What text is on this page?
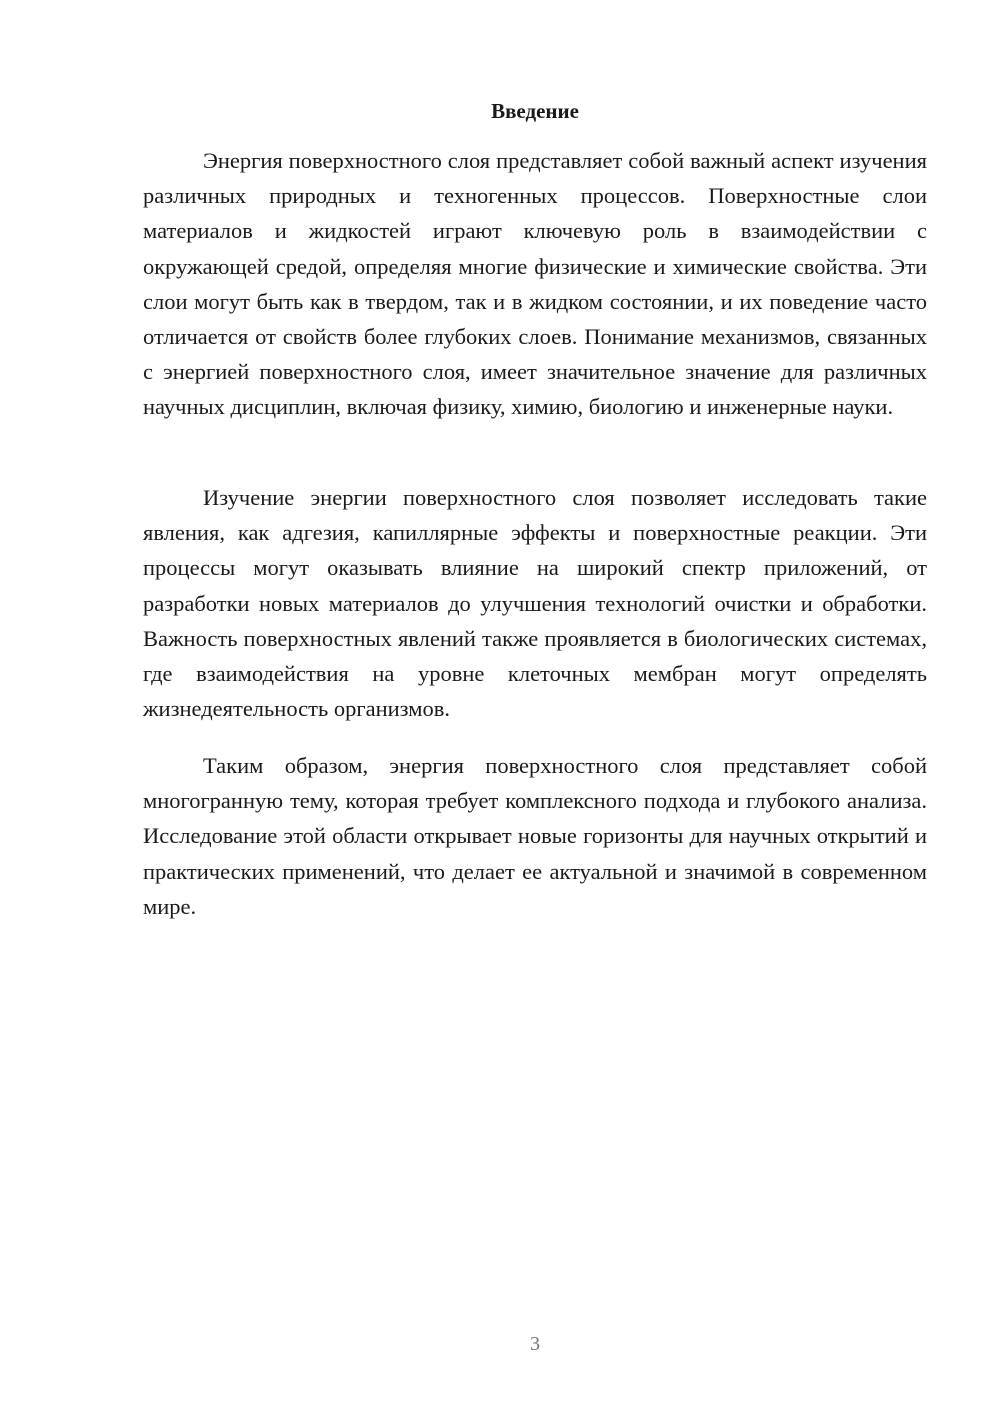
Введение

Энергия поверхностного слоя представляет собой важный аспект изучения различных природных и техногенных процессов. Поверхностные слои материалов и жидкостей играют ключевую роль в взаимодействии с окружающей средой, определяя многие физические и химические свойства. Эти слои могут быть как в твердом, так и в жидком состоянии, и их поведение часто отличается от свойств более глубоких слоев. Понимание механизмов, связанных с энергией поверхностного слоя, имеет значительное значение для различных научных дисциплин, включая физику, химию, биологию и инженерные науки.

Изучение энергии поверхностного слоя позволяет исследовать такие явления, как адгезия, капиллярные эффекты и поверхностные реакции. Эти процессы могут оказывать влияние на широкий спектр приложений, от разработки новых материалов до улучшения технологий очистки и обработки. Важность поверхностных явлений также проявляется в биологических системах, где взаимодействия на уровне клеточных мембран могут определять жизнедеятельность организмов.

Таким образом, энергия поверхностного слоя представляет собой многогранную тему, которая требует комплексного подхода и глубокого анализа. Исследование этой области открывает новые горизонты для научных открытий и практических применений, что делает ее актуальной и значимой в современном мире.

3
